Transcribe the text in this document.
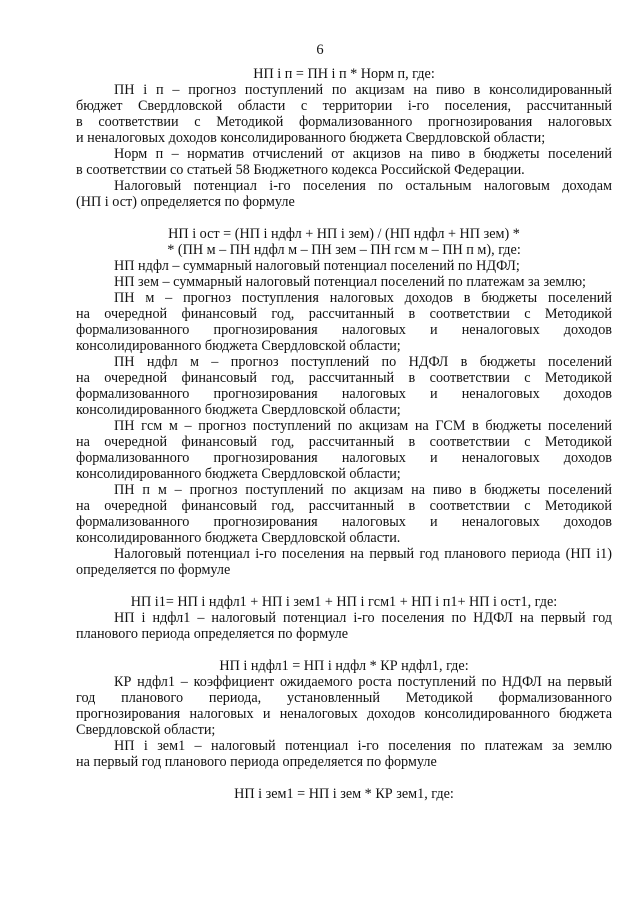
6
НП i п = ПН i п * Норм п, где:
ПН i п – прогноз поступлений по акцизам на пиво в консолидированный
бюджет Свердловской области с территории i-го поселения, рассчитанный
в соответствии с Методикой формализованного прогнозирования налоговых
и неналоговых доходов консолидированного бюджета Свердловской области;
Норм п – норматив отчислений от акцизов на пиво в бюджеты поселений
в соответствии со статьей 58 Бюджетного кодекса Российской Федерации.
Налоговый потенциал i-го поселения по остальным налоговым доходам
(НП i ост) определяется по формуле
НП i ост = (НП i ндфл + НП i зем) / (НП ндфл + НП зем) *
* (ПН м – ПН ндфл м – ПН зем – ПН гсм м – ПН п м), где:
НП ндфл – суммарный налоговый потенциал поселений по НДФЛ;
НП зем – суммарный налоговый потенциал поселений по платежам за землю;
ПН м – прогноз поступления налоговых доходов в бюджеты поселений
на очередной финансовый год, рассчитанный в соответствии с Методикой
формализованного прогнозирования налоговых и неналоговых доходов
консолидированного бюджета Свердловской области;
ПН ндфл м – прогноз поступлений по НДФЛ в бюджеты поселений
на очередной финансовый год, рассчитанный в соответствии с Методикой
формализованного прогнозирования налоговых и неналоговых доходов
консолидированного бюджета Свердловской области;
ПН гсм м – прогноз поступлений по акцизам на ГСМ в бюджеты поселений
на очередной финансовый год, рассчитанный в соответствии с Методикой
формализованного прогнозирования налоговых и неналоговых доходов
консолидированного бюджета Свердловской области;
ПН п м – прогноз поступлений по акцизам на пиво в бюджеты поселений
на очередной финансовый год, рассчитанный в соответствии с Методикой
формализованного прогнозирования налоговых и неналоговых доходов
консолидированного бюджета Свердловской области.
Налоговый потенциал i-го поселения на первый год планового периода (НП i1)
определяется по формуле
НП i1= НП i ндфл1 + НП i зем1 + НП i гсм1 + НП i п1+ НП i ост1, где:
НП i ндфл1 – налоговый потенциал i-го поселения по НДФЛ на первый год
планового периода определяется по формуле
НП i ндфл1 = НП i ндфл * КР ндфл1, где:
КР ндфл1 – коэффициент ожидаемого роста поступлений по НДФЛ на первый
год планового периода, установленный Методикой формализованного
прогнозирования налоговых и неналоговых доходов консолидированного бюджета
Свердловской области;
НП i зем1 – налоговый потенциал i-го поселения по платежам за землю
на первый год планового периода определяется по формуле
НП i зем1 = НП i зем * КР зем1, где:
